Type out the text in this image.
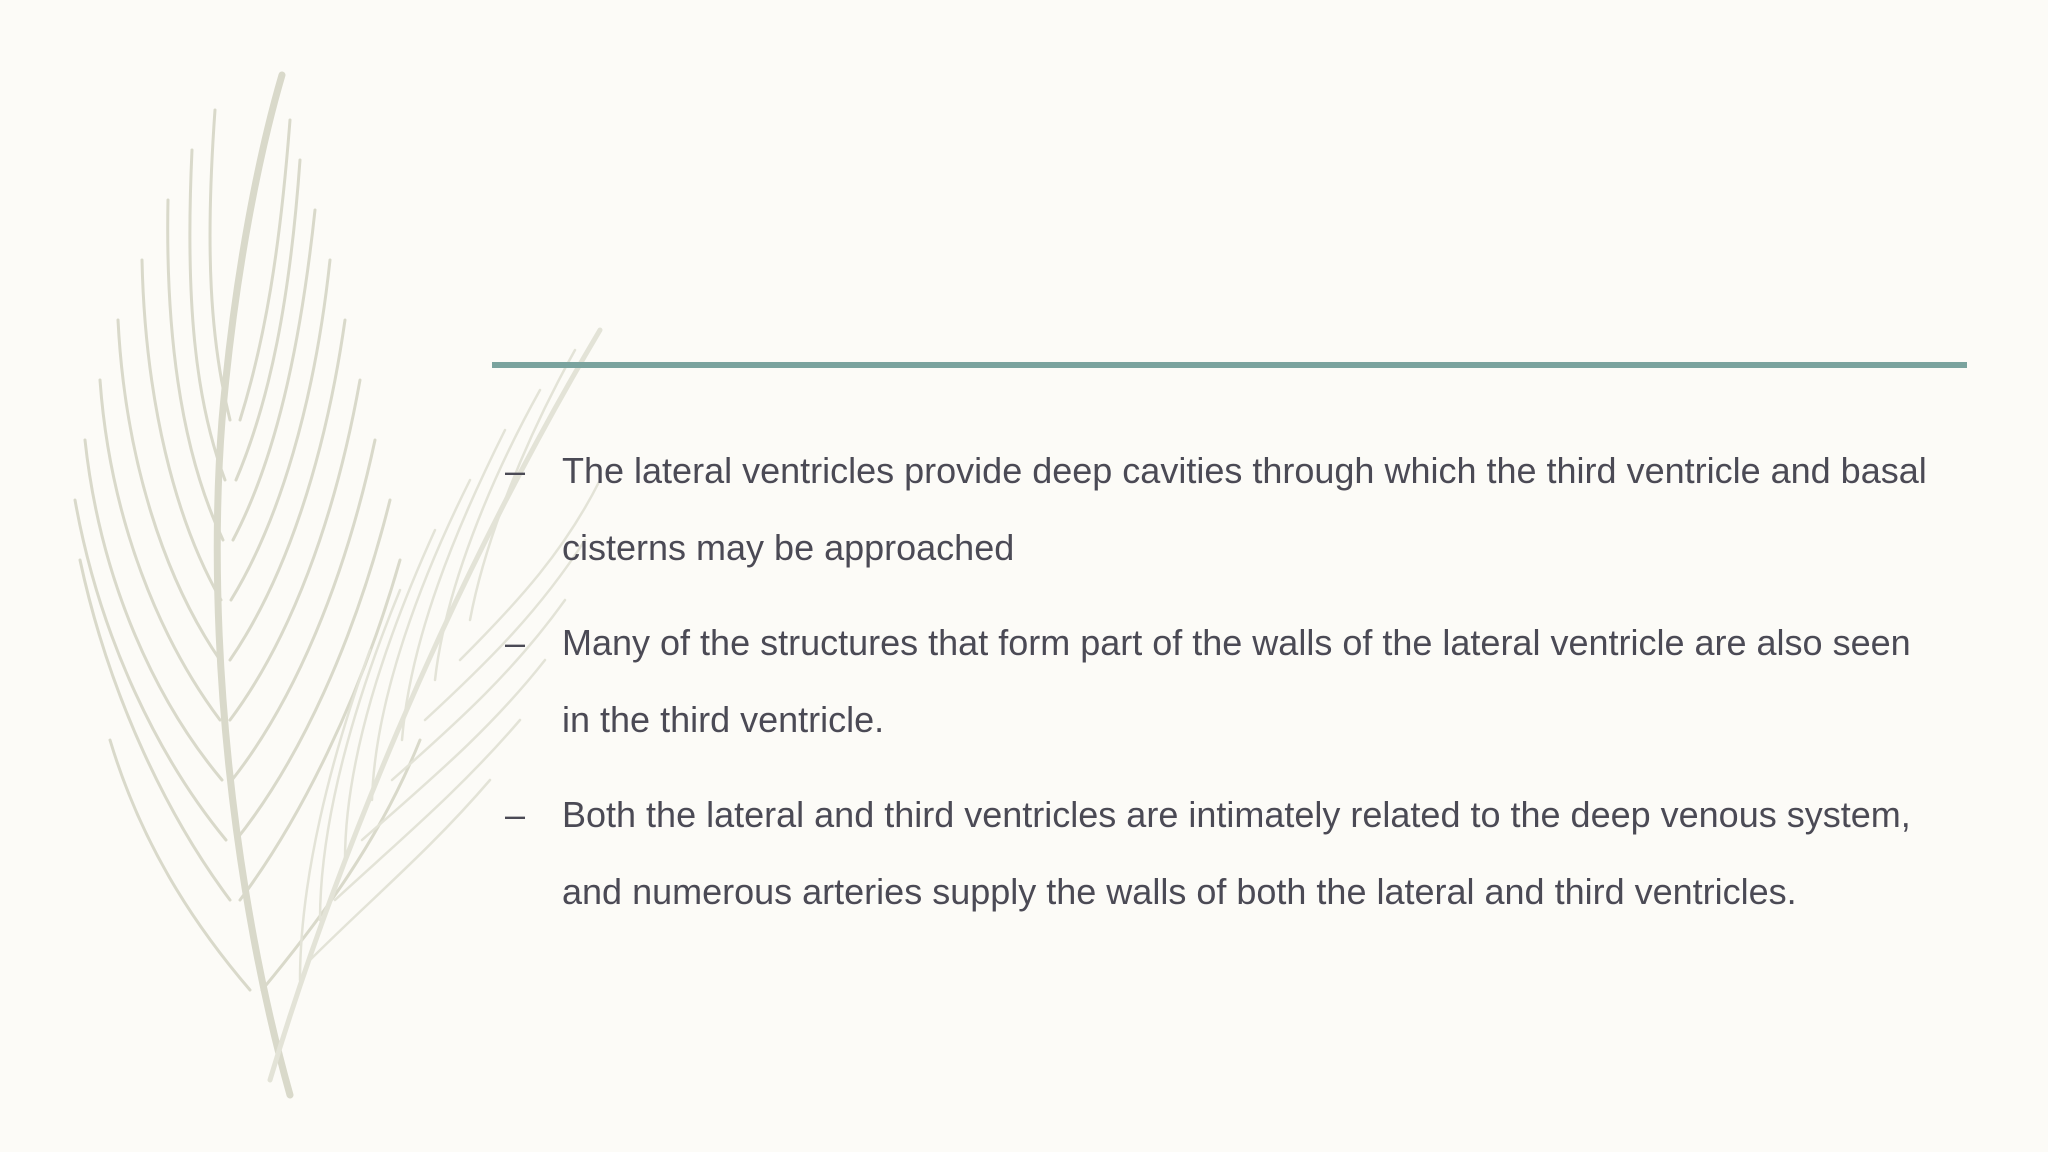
– The lateral ventricles provide deep cavities through which the third ventricle and basal cisterns may be approached
– Many of the structures that form part of the walls of the lateral ventricle are also seen in the third ventricle.
– Both the lateral and third ventricles are intimately related to the deep venous system, and numerous arteries supply the walls of both the lateral and third ventricles.
